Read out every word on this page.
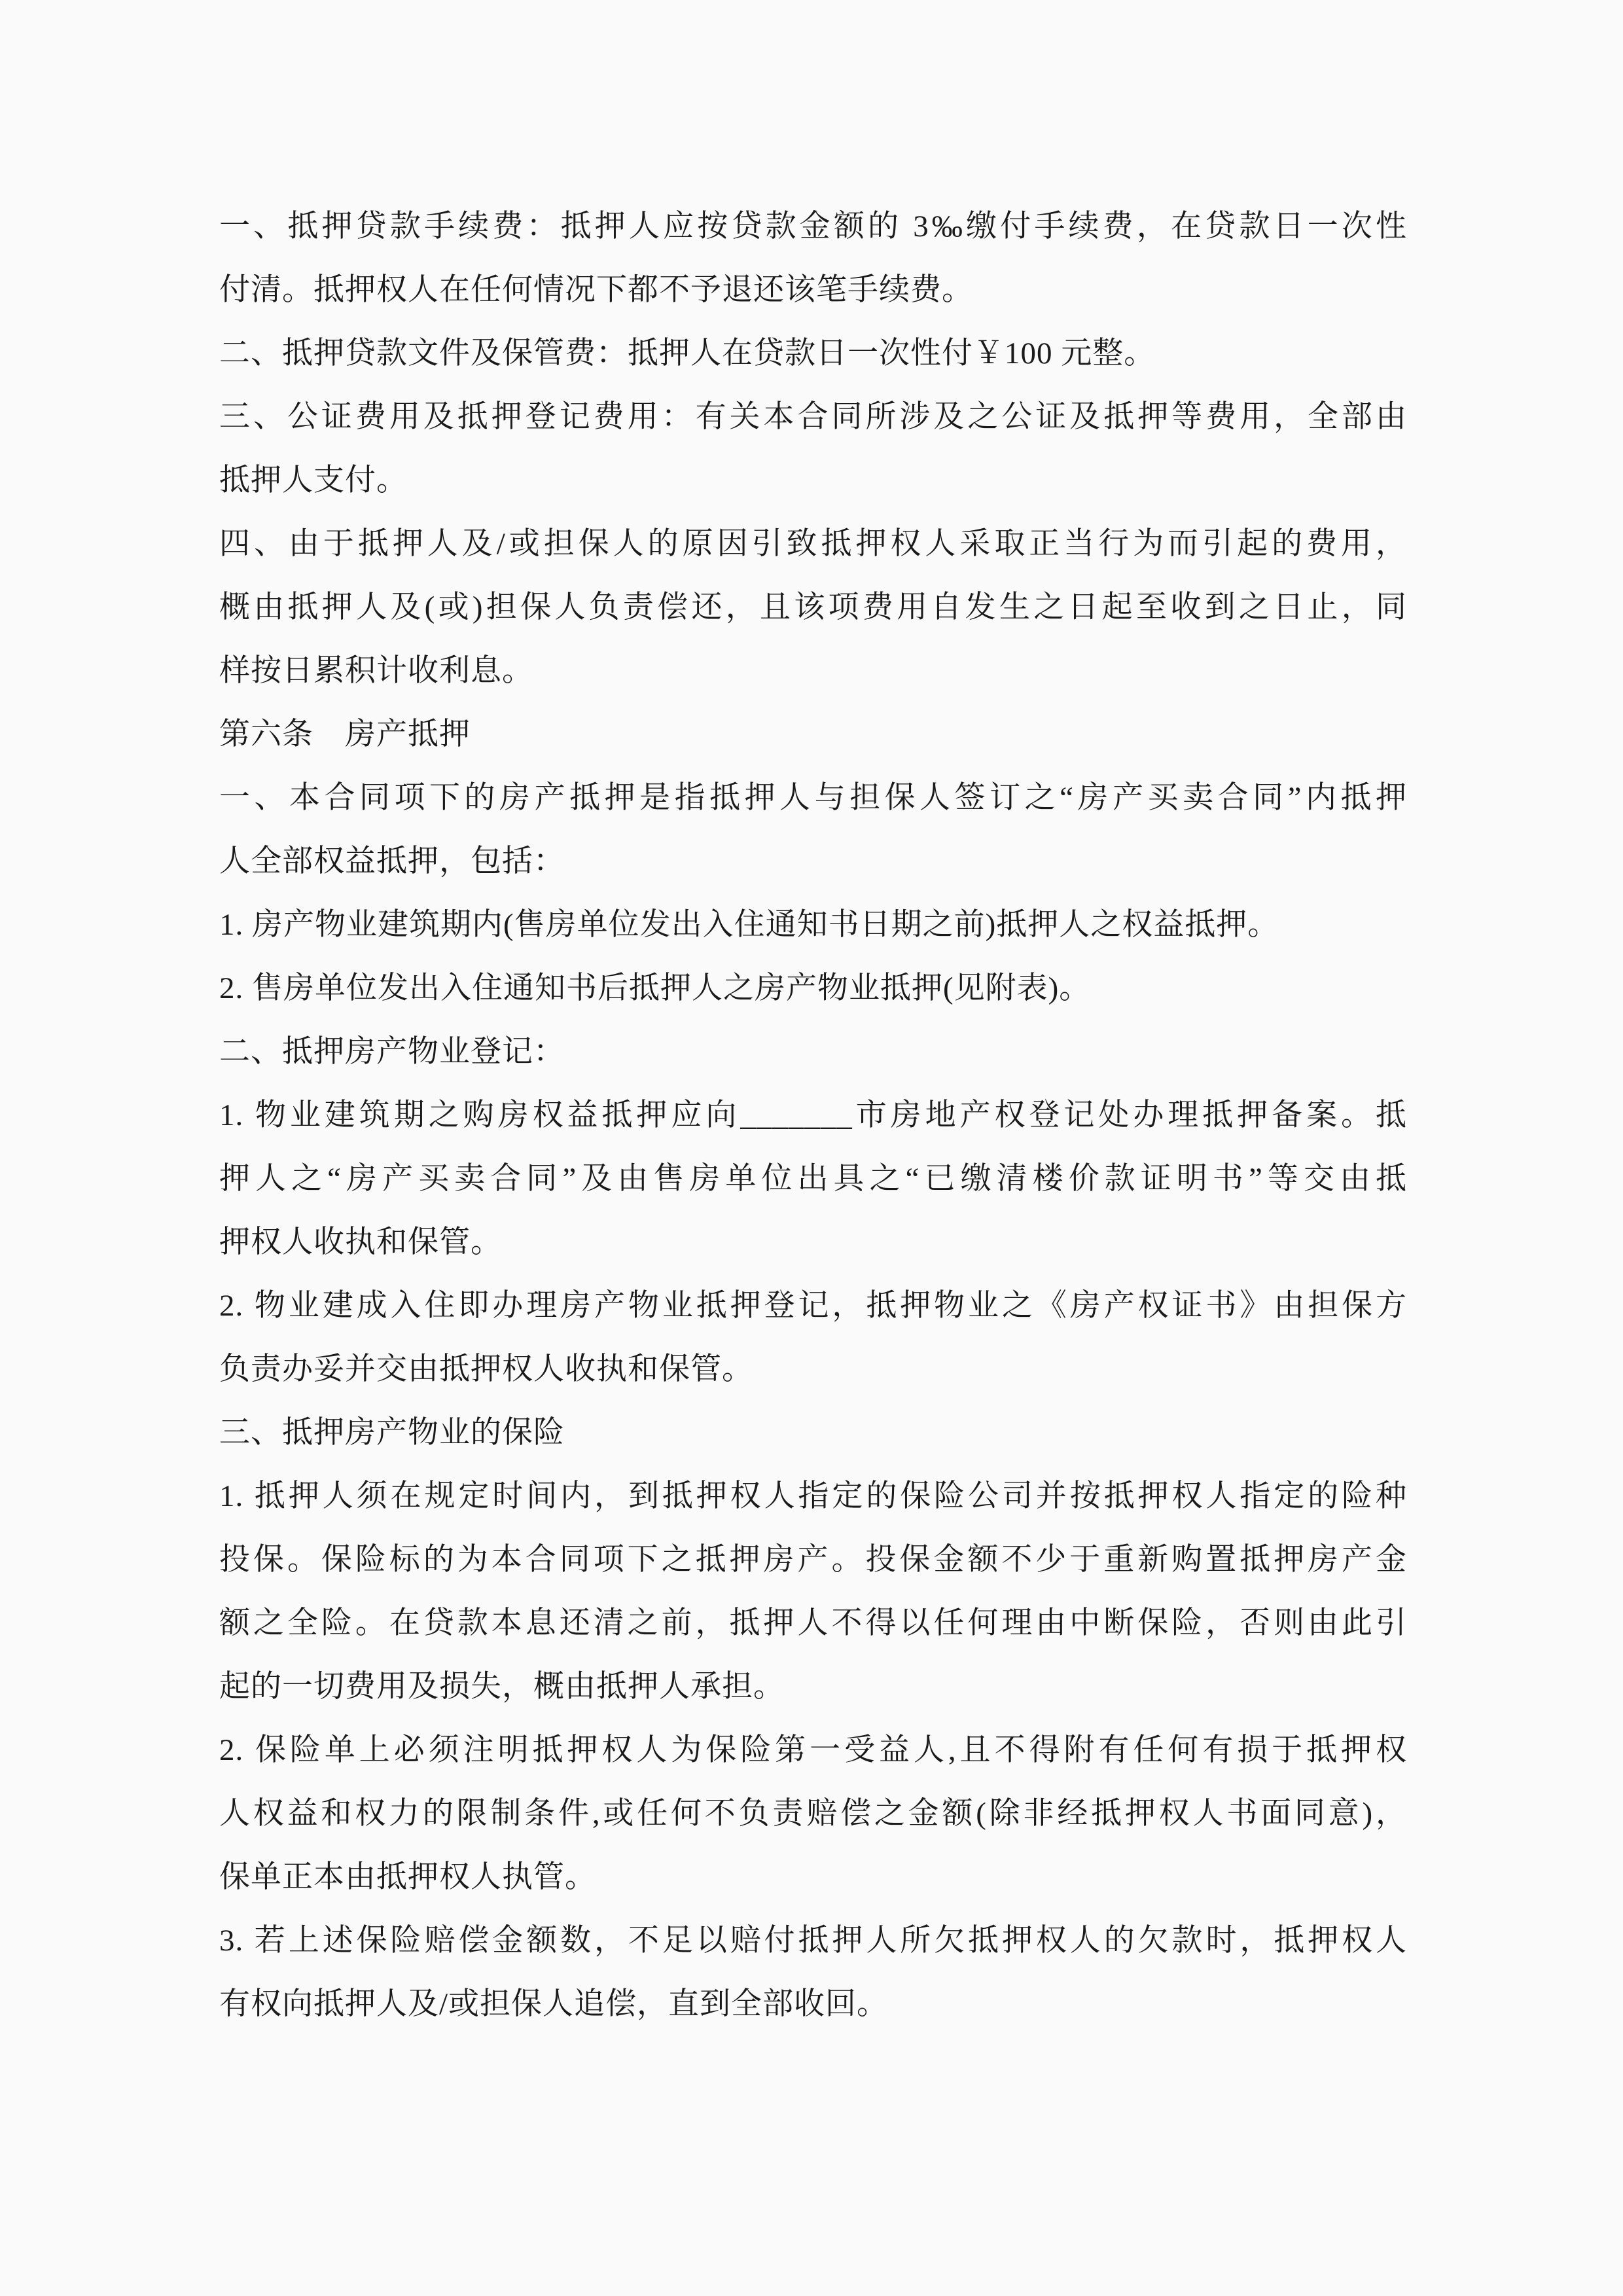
一、抵押贷款手续费：抵押人应按贷款金额的 3‰缴付手续费，在贷款日一次性
付清。抵押权人在任何情况下都不予退还该笔手续费。
二、抵押贷款文件及保管费：抵押人在贷款日一次性付￥100 元整。
三、公证费用及抵押登记费用：有关本合同所涉及之公证及抵押等费用，全部由
抵押人支付。
四、由于抵押人及/或担保人的原因引致抵押权人采取正当行为而引起的费用，
概由抵押人及(或)担保人负责偿还，且该项费用自发生之日起至收到之日止，同
样按日累积计收利息。
第六条　房产抵押
一、本合同项下的房产抵押是指抵押人与担保人签订之“房产买卖合同”内抵押
人全部权益抵押，包括：
1. 房产物业建筑期内(售房单位发出入住通知书日期之前)抵押人之权益抵押。
2. 售房单位发出入住通知书后抵押人之房产物业抵押(见附表)。
二、抵押房产物业登记：
1. 物业建筑期之购房权益抵押应向_______市房地产权登记处办理抵押备案。抵
押人之“房产买卖合同”及由售房单位出具之“已缴清楼价款证明书”等交由抵
押权人收执和保管。
2. 物业建成入住即办理房产物业抵押登记，抵押物业之《房产权证书》由担保方
负责办妥并交由抵押权人收执和保管。
三、抵押房产物业的保险
1. 抵押人须在规定时间内，到抵押权人指定的保险公司并按抵押权人指定的险种
投保。保险标的为本合同项下之抵押房产。投保金额不少于重新购置抵押房产金
额之全险。在贷款本息还清之前，抵押人不得以任何理由中断保险，否则由此引
起的一切费用及损失，概由抵押人承担。
2. 保险单上必须注明抵押权人为保险第一受益人,且不得附有任何有损于抵押权
人权益和权力的限制条件,或任何不负责赔偿之金额(除非经抵押权人书面同意)，
保单正本由抵押权人执管。
3. 若上述保险赔偿金额数，不足以赔付抵押人所欠抵押权人的欠款时，抵押权人
有权向抵押人及/或担保人追偿，直到全部收回。
